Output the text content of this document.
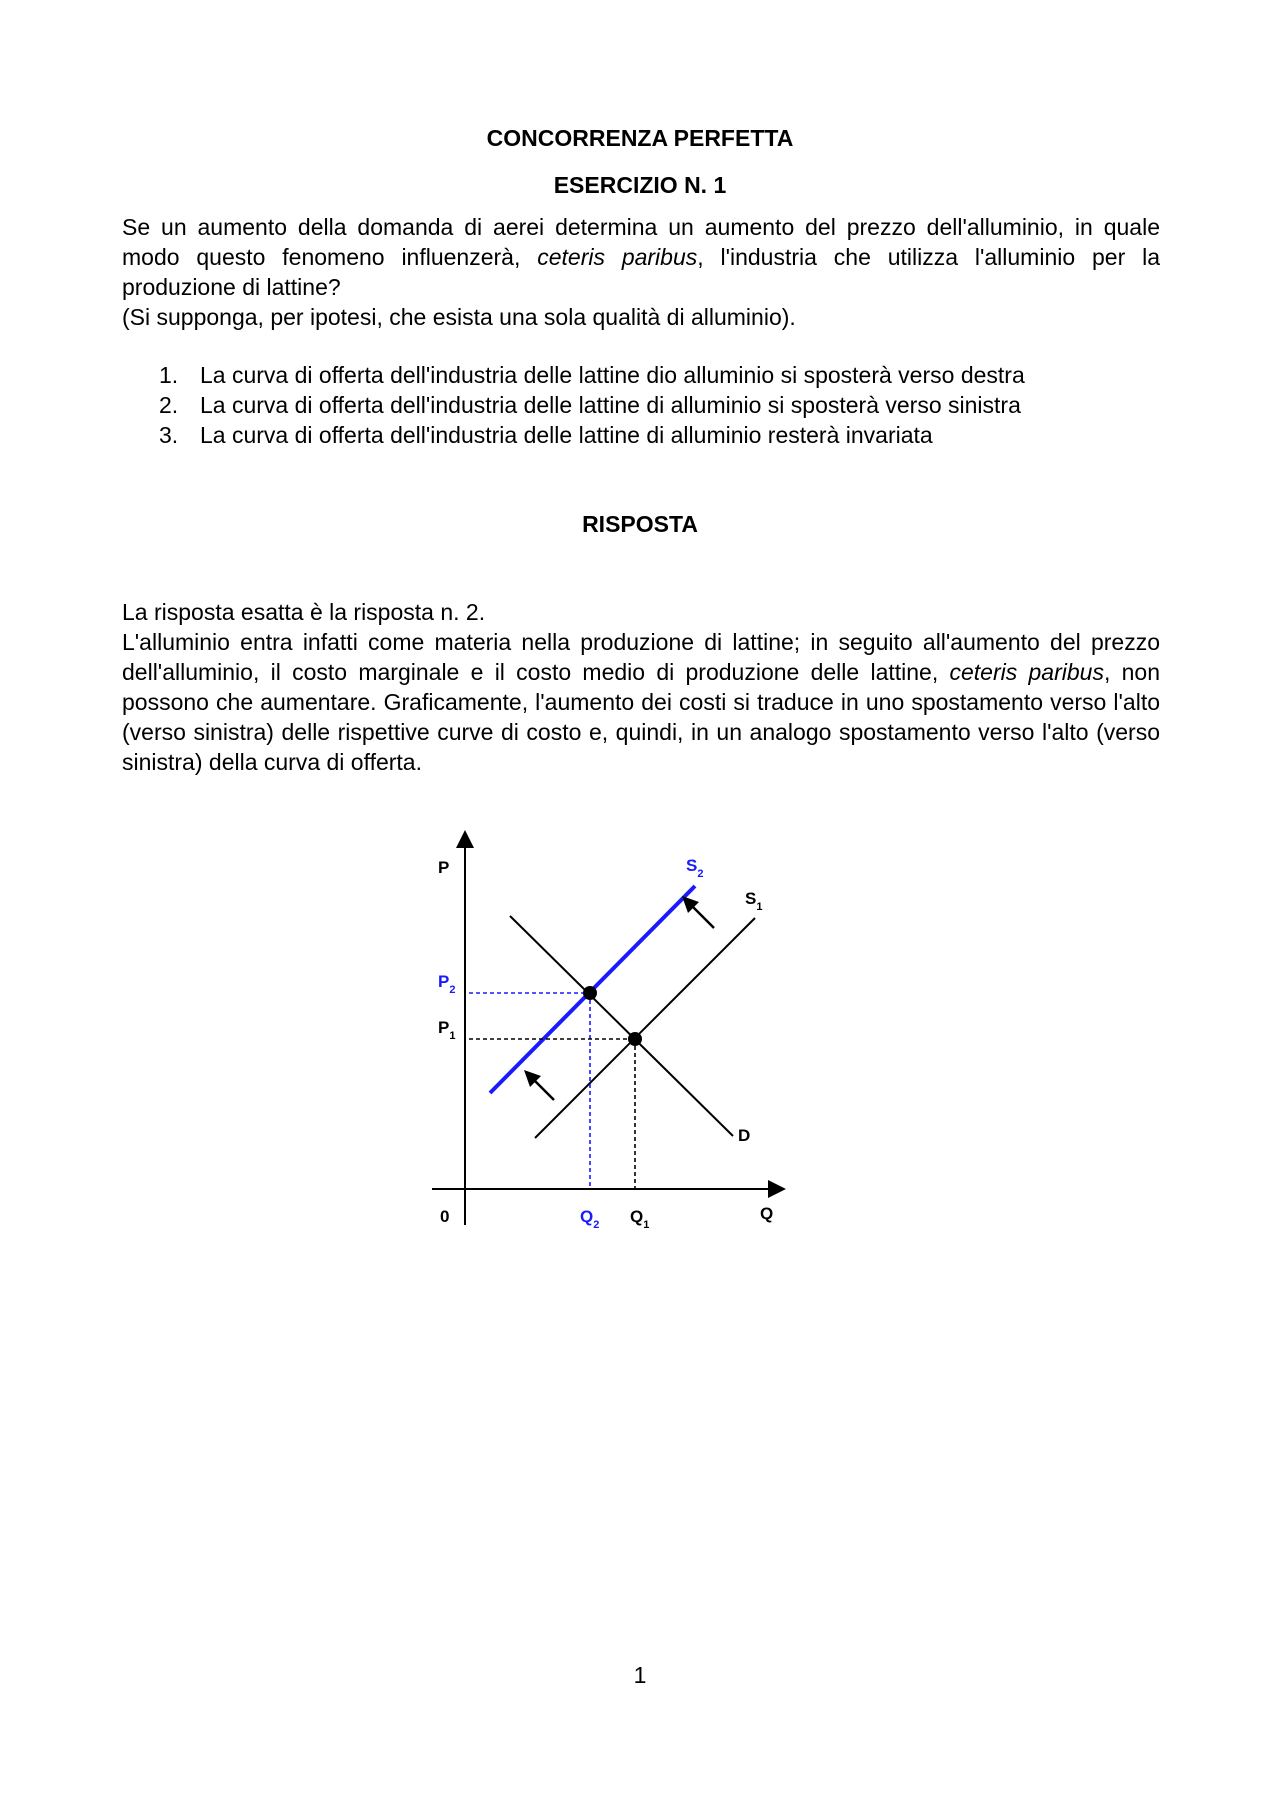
CONCORRENZA PERFETTA
ESERCIZIO N. 1
Se un aumento della domanda di aerei determina un aumento del prezzo dell'alluminio, in quale modo questo fenomeno influenzerà, ceteris paribus, l'industria che utilizza l'alluminio per la produzione di lattine?
(Si supponga, per ipotesi, che esista una sola qualità di alluminio).
1. La curva di offerta dell'industria delle lattine dio alluminio si sposterà verso destra
2. La curva di offerta dell'industria delle lattine di alluminio si sposterà verso sinistra
3. La curva di offerta dell'industria delle lattine di alluminio resterà invariata
RISPOSTA
La risposta esatta è la risposta n. 2.
L'alluminio entra infatti come materia nella produzione di lattine; in seguito all'aumento del prezzo dell'alluminio, il costo marginale e il costo medio di produzione delle lattine, ceteris paribus, non possono che aumentare. Graficamente, l'aumento dei costi si traduce in uno spostamento verso l'alto (verso sinistra) delle rispettive curve di costo e, quindi, in un analogo spostamento verso l'alto (verso sinistra) della curva di offerta.
P
Q
0
$S_2$
$S_1$
D
$P_2$
$P_1$
$Q_2$ $Q_1$
1
